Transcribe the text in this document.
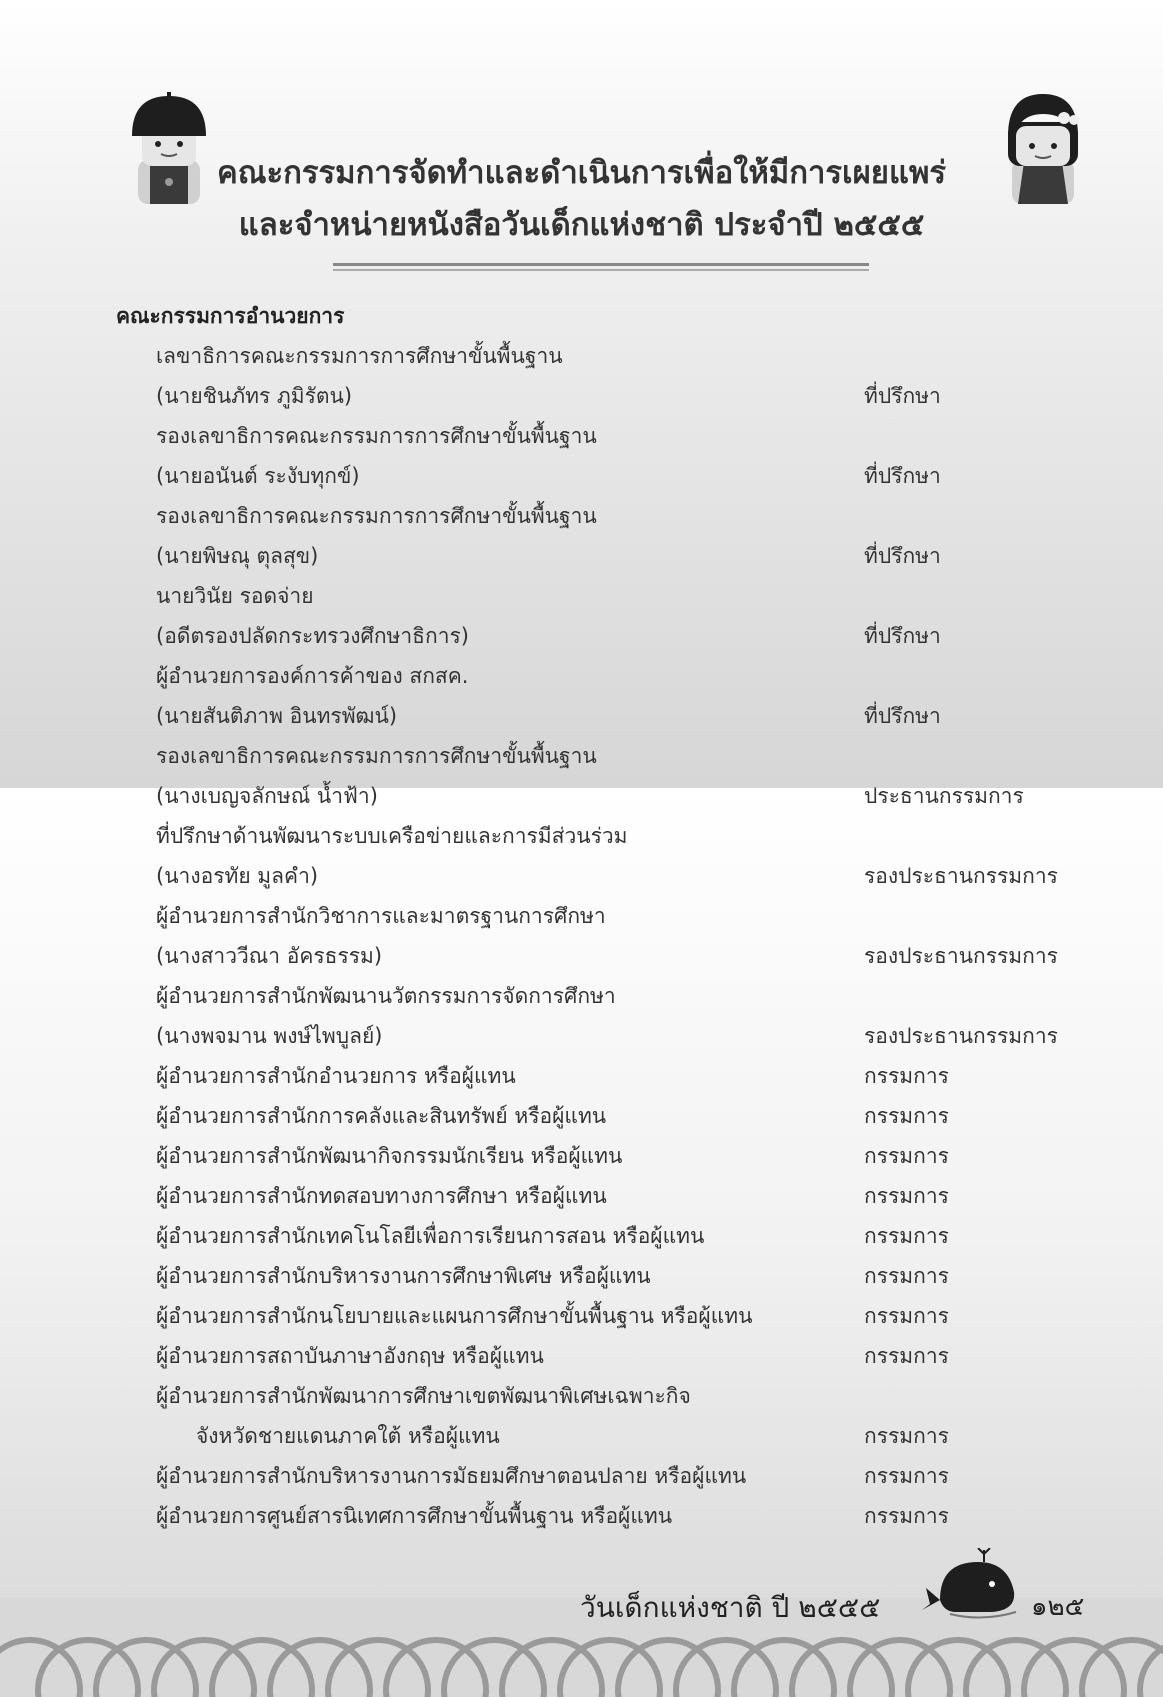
คณะกรรมการจัดทำและดำเนินการเพื่อให้มีการเผยแพร่
และจำหน่ายหนังสือวันเด็กแห่งชาติ ประจำปี ๒๕๕๕
คณะกรรมการอำนวยการ
เลขาธิการคณะกรรมการการศึกษาขั้นพื้นฐาน
(นายชินภัทร ภูมิรัตน)	ที่ปรึกษา
รองเลขาธิการคณะกรรมการการศึกษาขั้นพื้นฐาน
(นายอนันต์ ระงับทุกข์)	ที่ปรึกษา
รองเลขาธิการคณะกรรมการการศึกษาขั้นพื้นฐาน
(นายพิษณุ ตุลสุข)	ที่ปรึกษา
นายวินัย รอดจ่าย
(อดีตรองปลัดกระทรวงศึกษาธิการ)	ที่ปรึกษา
ผู้อำนวยการองค์การค้าของ สกสค.
(นายสันติภาพ อินทรพัฒน์)	ที่ปรึกษา
รองเลขาธิการคณะกรรมการการศึกษาขั้นพื้นฐาน
(นางเบญจลักษณ์ น้ำฟ้า)	ประธานกรรมการ
ที่ปรึกษาด้านพัฒนาระบบเครือข่ายและการมีส่วนร่วม
(นางอรทัย มูลคำ)	รองประธานกรรมการ
ผู้อำนวยการสำนักวิชาการและมาตรฐานการศึกษา
(นางสาววีณา อัครธรรม)	รองประธานกรรมการ
ผู้อำนวยการสำนักพัฒนานวัตกรรมการจัดการศึกษา
(นางพจมาน พงษ์ไพบูลย์)	รองประธานกรรมการ
ผู้อำนวยการสำนักอำนวยการ หรือผู้แทน	กรรมการ
ผู้อำนวยการสำนักการคลังและสินทรัพย์ หรือผู้แทน	กรรมการ
ผู้อำนวยการสำนักพัฒนากิจกรรมนักเรียน หรือผู้แทน	กรรมการ
ผู้อำนวยการสำนักทดสอบทางการศึกษา หรือผู้แทน	กรรมการ
ผู้อำนวยการสำนักเทคโนโลยีเพื่อการเรียนการสอน หรือผู้แทน	กรรมการ
ผู้อำนวยการสำนักบริหารงานการศึกษาพิเศษ หรือผู้แทน	กรรมการ
ผู้อำนวยการสำนักนโยบายและแผนการศึกษาขั้นพื้นฐาน หรือผู้แทน	กรรมการ
ผู้อำนวยการสถาบันภาษาอังกฤษ หรือผู้แทน	กรรมการ
ผู้อำนวยการสำนักพัฒนาการศึกษาเขตพัฒนาพิเศษเฉพาะกิจ
จังหวัดชายแดนภาคใต้ หรือผู้แทน	กรรมการ
ผู้อำนวยการสำนักบริหารงานการมัธยมศึกษาตอนปลาย หรือผู้แทน	กรรมการ
ผู้อำนวยการศูนย์สารนิเทศการศึกษาขั้นพื้นฐาน หรือผู้แทน	กรรมการ
วันเด็กแห่งชาติ ปี ๒๕๕๕	๑๒๕
